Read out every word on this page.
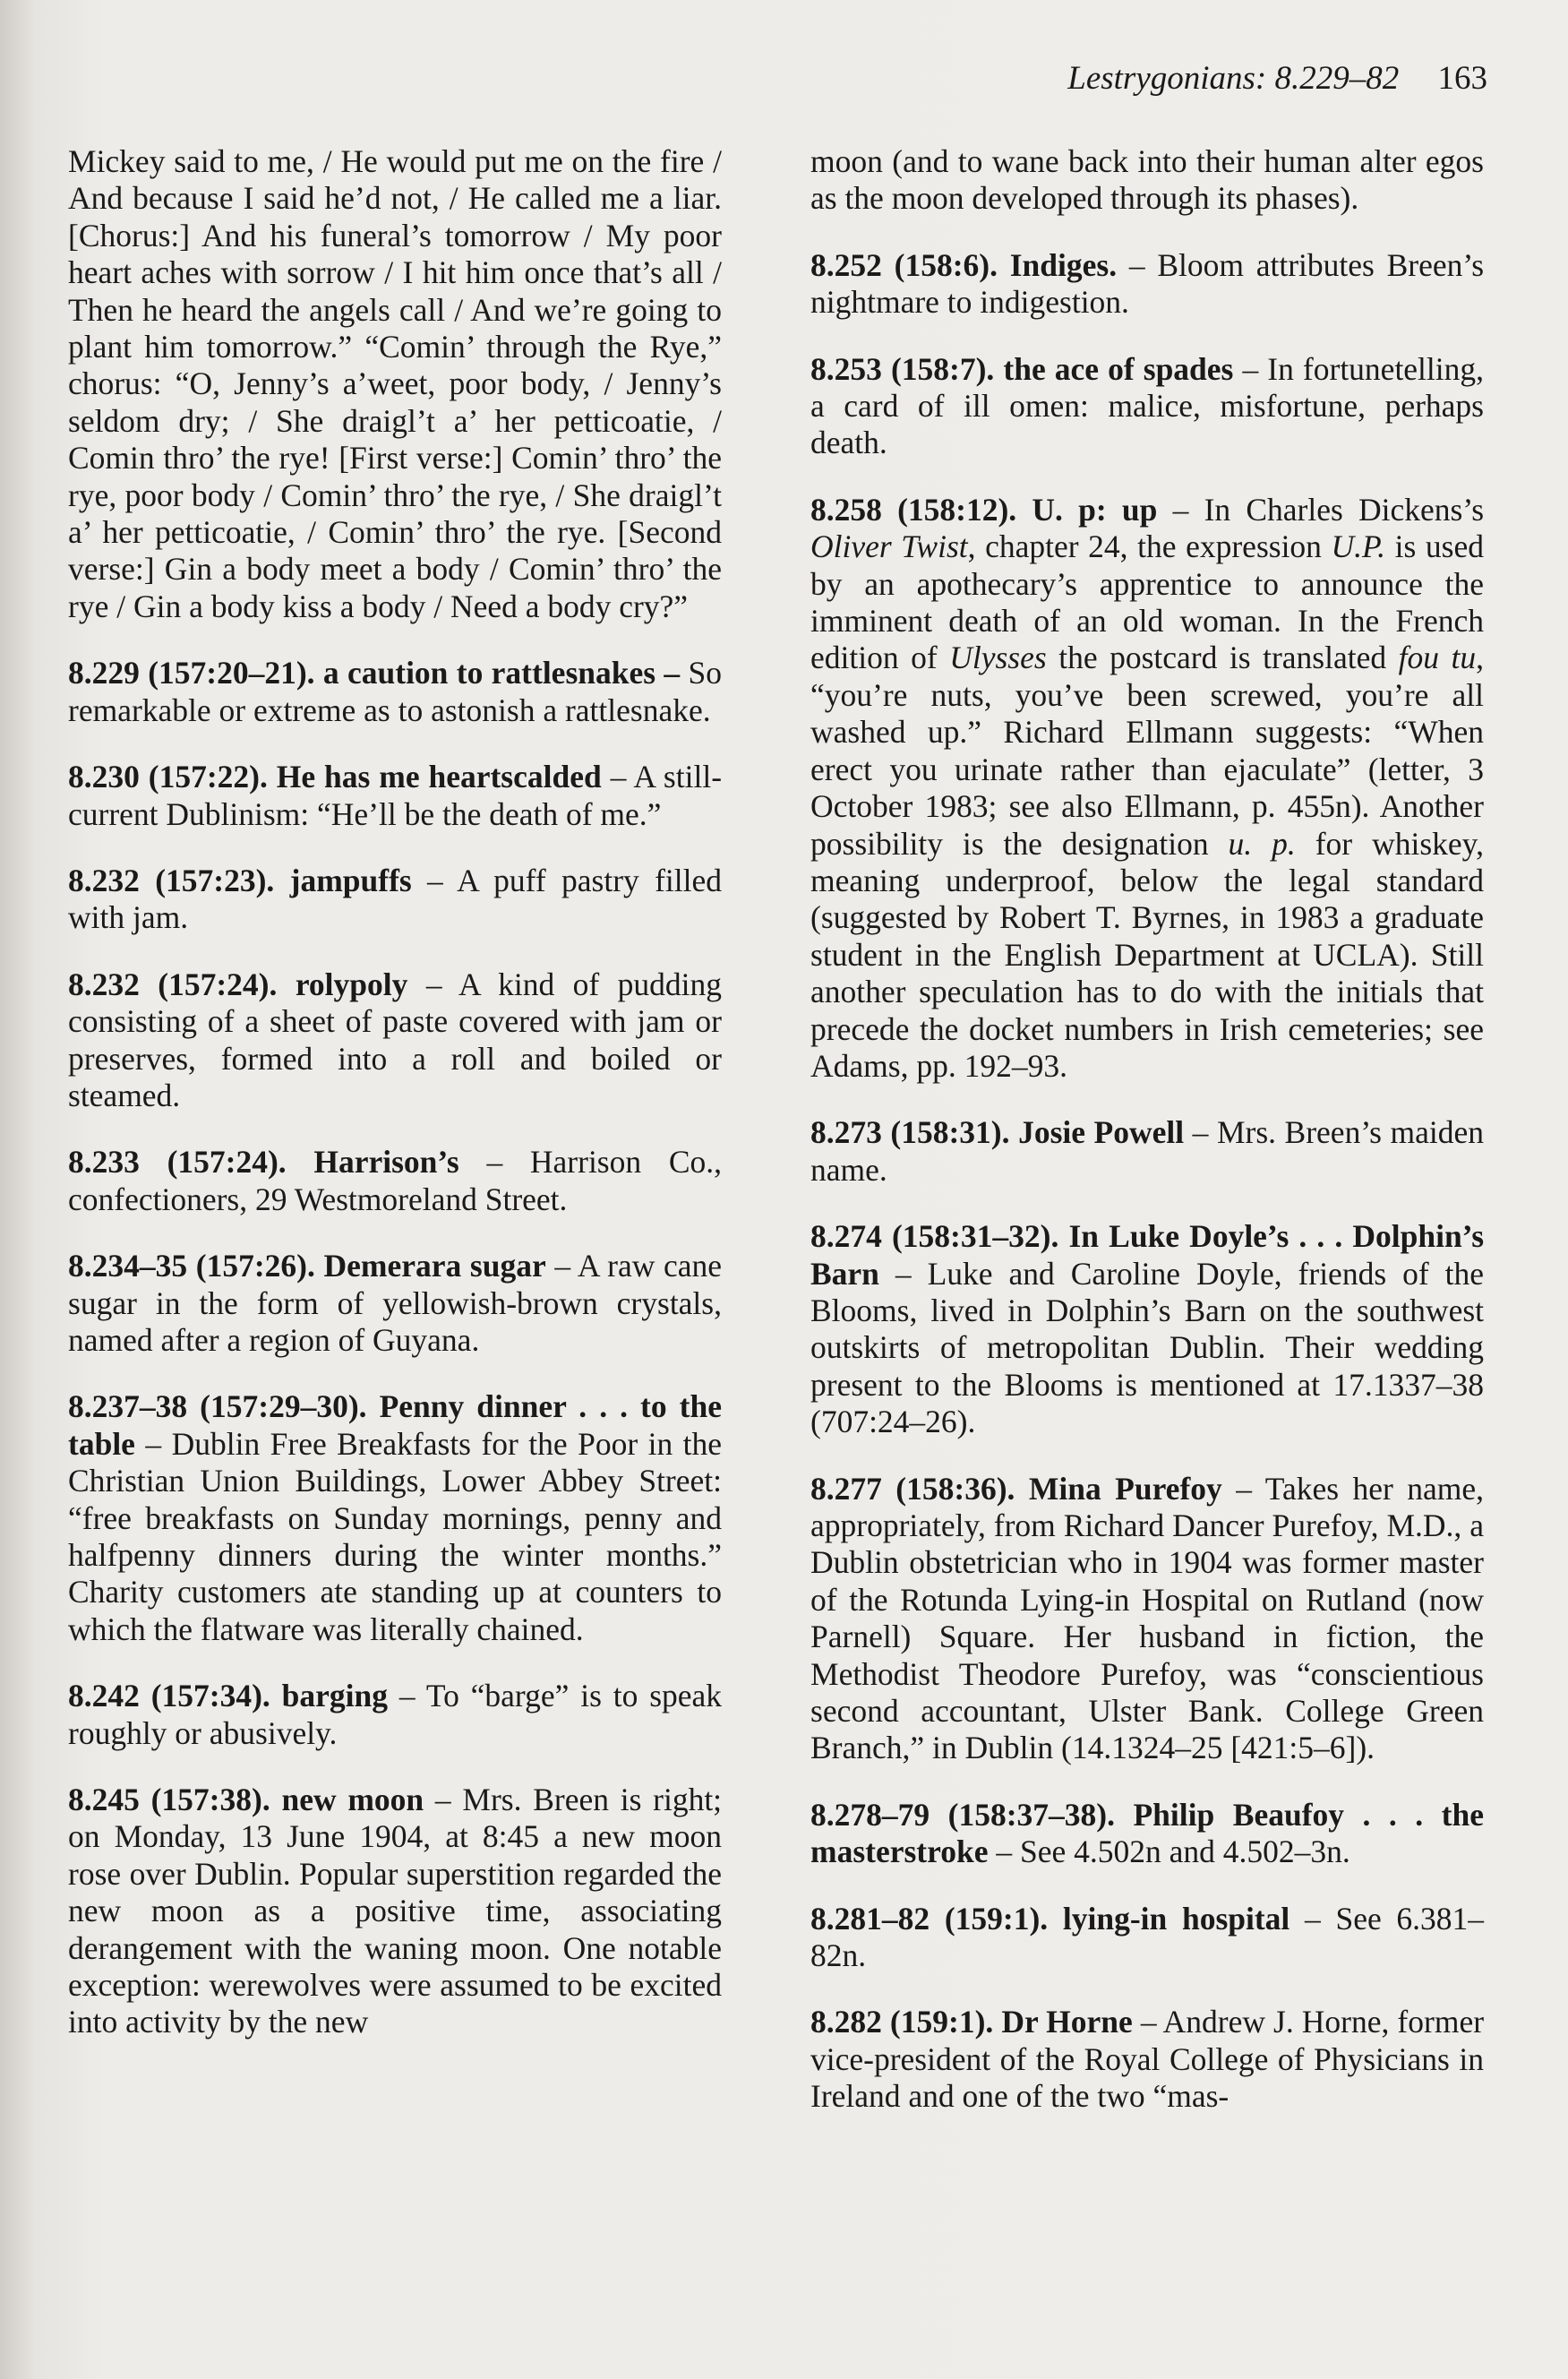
Lestrygonians: 8.229–82 163

Mickey said to me, / He would put me on the fire / And because I said he’d not, / He called me a liar. [Chorus:] And his funeral’s tomorrow / My poor heart aches with sorrow / I hit him once that’s all / Then he heard the angels call / And we’re going to plant him tomorrow.” “Comin’ through the Rye,” chorus: “O, Jenny’s a’weet, poor body, / Jenny’s seldom dry; / She draigl’t a’ her petticoatie, / Comin thro’ the rye! [First verse:] Comin’ thro’ the rye, poor body / Comin’ thro’ the rye, / She draigl’t a’ her petticoatie, / Comin’ thro’ the rye. [Second verse:] Gin a body meet a body / Comin’ thro’ the rye / Gin a body kiss a body / Need a body cry?”

8.229 (157:20–21). a caution to rattlesnakes – So remarkable or extreme as to astonish a rattlesnake.

8.230 (157:22). He has me heartscalded – A still-current Dublinism: “He’ll be the death of me.”

8.232 (157:23). jampuffs – A puff pastry filled with jam.

8.232 (157:24). rolypoly – A kind of pudding consisting of a sheet of paste covered with jam or preserves, formed into a roll and boiled or steamed.

8.233 (157:24). Harrison’s – Harrison Co., confectioners, 29 Westmoreland Street.

8.234–35 (157:26). Demerara sugar – A raw cane sugar in the form of yellowish-brown crystals, named after a region of Guyana.

8.237–38 (157:29–30). Penny dinner . . . to the table – Dublin Free Breakfasts for the Poor in the Christian Union Buildings, Lower Abbey Street: “free breakfasts on Sunday mornings, penny and halfpenny dinners during the winter months.” Charity customers ate standing up at counters to which the flatware was literally chained.

8.242 (157:34). barging – To “barge” is to speak roughly or abusively.

8.245 (157:38). new moon – Mrs. Breen is right; on Monday, 13 June 1904, at 8:45 a new moon rose over Dublin. Popular superstition regarded the new moon as a positive time, associating derangement with the waning moon. One notable exception: werewolves were assumed to be excited into activity by the new

moon (and to wane back into their human alter egos as the moon developed through its phases).

8.252 (158:6). Indiges. – Bloom attributes Breen’s nightmare to indigestion.

8.253 (158:7). the ace of spades – In fortunetelling, a card of ill omen: malice, misfortune, perhaps death.

8.258 (158:12). U. p: up – In Charles Dickens’s Oliver Twist, chapter 24, the expression U.P. is used by an apothecary’s apprentice to announce the imminent death of an old woman. In the French edition of Ulysses the postcard is translated fou tu, “you’re nuts, you’ve been screwed, you’re all washed up.” Richard Ellmann suggests: “When erect you urinate rather than ejaculate” (letter, 3 October 1983; see also Ellmann, p. 455n). Another possibility is the designation u. p. for whiskey, meaning underproof, below the legal standard (suggested by Robert T. Byrnes, in 1983 a graduate student in the English Department at UCLA). Still another speculation has to do with the initials that precede the docket numbers in Irish cemeteries; see Adams, pp. 192–93.

8.273 (158:31). Josie Powell – Mrs. Breen’s maiden name.

8.274 (158:31–32). In Luke Doyle’s . . . Dolphin’s Barn – Luke and Caroline Doyle, friends of the Blooms, lived in Dolphin’s Barn on the southwest outskirts of metropolitan Dublin. Their wedding present to the Blooms is mentioned at 17.1337–38 (707:24–26).

8.277 (158:36). Mina Purefoy – Takes her name, appropriately, from Richard Dancer Purefoy, M.D., a Dublin obstetrician who in 1904 was former master of the Rotunda Lying-in Hospital on Rutland (now Parnell) Square. Her husband in fiction, the Methodist Theodore Purefoy, was “conscientious second accountant, Ulster Bank. College Green Branch,” in Dublin (14.1324–25 [421:5–6]).

8.278–79 (158:37–38). Philip Beaufoy . . . the masterstroke – See 4.502n and 4.502–3n.

8.281–82 (159:1). lying-in hospital – See 6.381–82n.

8.282 (159:1). Dr Horne – Andrew J. Horne, former vice-president of the Royal College of Physicians in Ireland and one of the two “mas-
